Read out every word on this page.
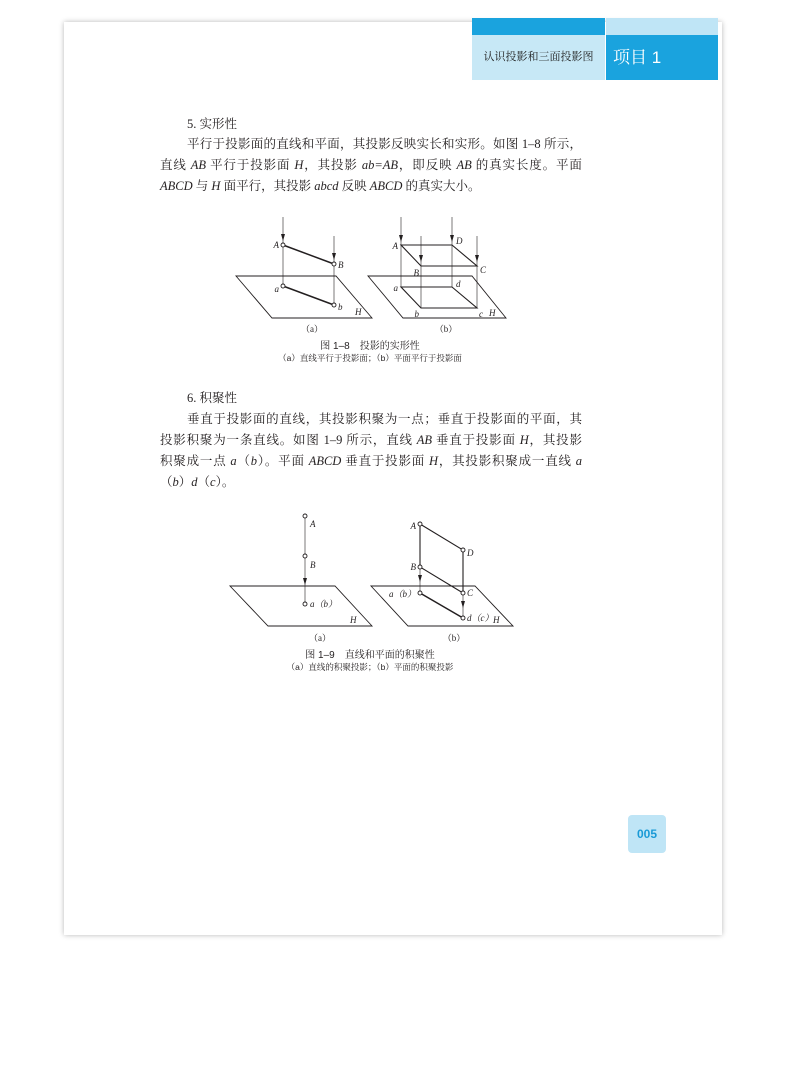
认识投影和三面投影图	项目 1
5. 实形性
平行于投影面的直线和平面，其投影反映实长和实形。如图 1–8 所示，
直线 AB 平行于投影面 H，其投影 ab=AB，即反映 AB 的真实长度。平面
ABCD 与 H 面平行，其投影 abcd 反映 ABCD 的真实大小。
A
B
a
b H
A	D
B	C
a	d
b	c H
（a）	（b）
图 1–8　投影的实形性
（a）直线平行于投影面；（b）平面平行于投影面
6. 积聚性
垂直于投影面的直线，其投影积聚为一点；垂直于投影面的平面，其
投影积聚为一条直线。如图 1–9 所示，直线 AB 垂直于投影面 H，其投影
积聚成一点 a（b）。平面 ABCD 垂直于投影面 H，其投影积聚成一直线 a
（b）d（c）。
A
B
a（b）
H
A
D
B
C
a（b）
d（c） H
（a）	（b）
图 1–9　直线和平面的积聚性
（a）直线的积聚投影；（b）平面的积聚投影
005
